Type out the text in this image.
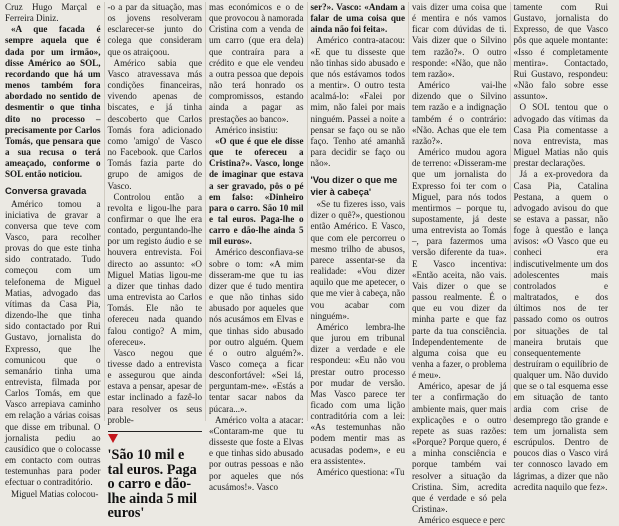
Cruz Hugo Marçal e Ferreira Diniz.

«A que facada é sempre aquela que é dada por um irmão», disse Américo ao SOL, recordando que há um menos também fora abordado no sentido de desmentir o que tinha dito no processo – precisamente por Carlos Tomás, que pensara que a sua recusa o terá ameaçado, conforme o SOL então noticiou.

Conversa gravada

Américo tomou a iniciativa de gravar a conversa que teve com Vasco, para recolher provas do que este tinha sido contratado. Tudo começou com um telefonema de Miguel Matias, advogado das vítimas da Casa Pia, dizendo-lhe que tinha sido contactado por Rui Gustavo, jornalista do Expresso, que lhe comunicou que o semanário tinha uma entrevista, filmada por Carlos Tomás, em que Vasco arrepiava caminho em relação a várias coisas que disse em tribunal. O jornalista pediu ao causídico que o colocasse em contacto com outras testemunhas para poder efectuar o contraditório.

Miguel Matias colocou-

-o a par da situação, mas os jovens resolveram esclarecer-se junto do colega que consideram que os atraiçoou.

Américo sabia que Vasco atravessava más condições financeiras, vivendo apenas de biscates, e já tinha descoberto que Carlos Tomás fora adicionado como 'amigo' de Vasco no Facebook. que Carlos Tomás fazia parte do grupo de amigos de Vasco.

Controlou então a revolta e ligou-lhe para confirmar o que lhe era contado, perguntando-lhe por um registo áudio e se houvera entrevista. Foi directo ao assunto: «O Miguel Matias ligou-me a dizer que tinhas dado uma entrevista ao Carlos Tomás. Ele não te ofereceu nada quando falou contigo? A mim, ofereceu».

Vasco negou que tivesse dado a entrevista e assegurou que ainda estava a pensar, apesar de estar inclinado a fazê-lo para resolver os seus proble-

'São 10 mil e tal euros. Paga o carro e dão-lhe ainda 5 mil euros'

mas económicos e o de que provocou à namorada Cristina com a venda de um carro (que era dela) que contraíra para a crédito e que ele vendeu a outra pessoa que depois não terá honrado os compromissos, estando ainda a pagar as prestações ao banco».

Américo insistiu:

«O que é que ele disse que te ofereceu a Cristina?». Vasco, longe de imaginar que estava a ser gravado, pôs o pé em falso: «Dinheiro para o carro. São 10 mil e tal euros. Paga-lhe o carro e dão-lhe ainda 5 mil euros».

Américo desconfiava-se sobre o tom: «A mim disseram-me que tu ias dizer que é tudo mentira e que não tinhas sido abusado por aqueles que nós acusámos em Elvas e que tinhas sido abusado por outro alguém. Quem é o outro alguém?». Vasco começa a ficar desconfortável: «Sei lá, perguntam-me». «Estás a tentar sacar nabos da púcara...».

Américo volta a atacar: «Contaram-me que tu disseste que foste a Elvas e que tinhas sido abusado por outras pessoas e não por aqueles que nós acusámos!». Vasco

ser?». Vasco: «Andam a falar de uma coisa que ainda não foi feita».

Américo contra-atacou: «E que tu disseste que não tinhas sido abusado e que nós estávamos todos a mentir». O outro testa acalmá-lo: «Falei por mim, não falei por mais ninguém. Passei a noite a pensar se faço ou se não faço. Tenho até amanhã para decidir se faço ou não».

'Vou dizer o que me vier à cabeça'

«Se tu fizeres isso, vais dizer o quê?», questionou então Américo. E Vasco, que com ele percorreu o mesmo trilho de abusos, parece assentar-se da realidade: «Vou dizer aquilo que me apetecer, o que me vier à cabeça, não vou acabar com ninguém».

Américo lembra-lhe que jurou em tribunal dizer a verdade e ele respondeu: «Eu não vou prestar outro processo por mudar de versão. Mas Vasco parece ter ficado com uma lição contraditória com a lei: «As testemunhas não podem mentir mas as acusadas podem», e eu era assistente».

Américo questiona: «Tu

vais dizer uma coisa que é mentira e nós vamos ficar com dúvidas de ti. Vais dizer que o Silvino tem razão?». O outro responde: «Não, que não tem razão».

Américo vai-lhe dizendo que o Silvino tem razão e a indignação também é o contrário: «Não. Achas que ele tem razão?».

Américo mudou agora de terreno: «Disseram-me que um jornalista do Expresso foi ter com o Miguel, para nós todos mentirmos – porque tu, supostamente, já deste uma entrevista ao Tomás –, para fazermos uma versão diferente da tua». E Vasco incentiva: «Então aceita, não vais. Vais dizer o que se passou realmente. É o que eu vou dizer da minha parte e que faz parte da tua consciência. Independentemente de alguma coisa que eu venha a fazer, o problema é meu».

Américo, apesar de já ter a confirmação do ambiente mais, quer mais explicações e o outro repete as suas razões: «Porque? Porque quero, é a minha consciência e porque também vai resolver a situação da Cristina. Sim, acredita que é verdade e só pela Cristina».

Américo esquece e perc

tamente com Rui Gustavo, jornalista do Expresso, de que Vasco pôs que aquele montante: «Isso é completamente mentira». Contactado, Rui Gustavo, respondeu: «Não falo sobre esse assunto».

O SOL tentou que o advogado das vítimas da Casa Pia comentasse a nova entrevista, mas Miguel Matias não quis prestar declarações.

Já a ex-provedora da Casa Pia, Catalina Pestana, a quem o advogado avisou do que se estava a passar, não foge à questão e lança avisos: «O Vasco que eu conheci era indiscutivelmente um dos adolescentes mais controlados e maltratados, e dos últimos nos de ter passado como os outros por situações de tal maneira brutais que consequentemente destruíram o equilíbrio de qualquer um. Não duvido que se o tal esquema esse em situação de tanto ardia com crise de desemprego tão grande e tem um jornalista sem escrúpulos. Dentro de poucos dias o Vasco virá ter connosco lavado em lágrimas, a dizer que não acredita naquilo que fez».
